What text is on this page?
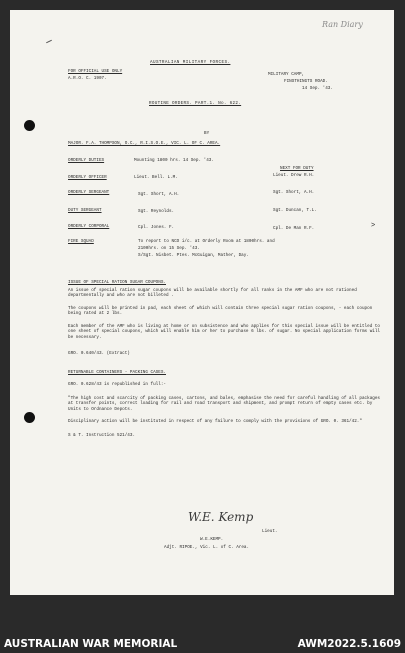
Ran Diary
AUSTRALIAN MILITARY FORCES.
FOR OFFICIAL USE ONLY
A.R.O. C. 1907.
MILITARY CAMP,
FINSTHINGTS ROAD.
14 Sep. '43.
ROUTINE ORDERS. PART.1. No. 622.
BY
MAJOR. F.A. THOMPSON, O.C., R.I.S.O.E., VIC. L. OF C. AREA.
ORDERLY DUTIES	Mounting 1800 hrs. 14 Sep. '43.
NEXT FOR DUTY
ORDERLY OFFICER	Lieut. Bell. L.M.	Lieut. Drew R.H.
ORDERLY SERGEANT	Sgt. Short, A.H.	Sgt. Short, A.H.
DUTY SERGEANT	Sgt. Reynolds.	Sgt. Duncan, T.L.
ORDERLY CORPORAL	Cpl. Jones. F.	Cpl. De Man R.F.	>
FIRE SQUAD	To report to NCO i/c. at Orderly Room at 1800hrs. and
2100hrs. on 15 Sep. '43.
S/Sgt. Nisbet. Ptes. McGuigan, Mather, Day.
ISSUE OF SPECIAL RATION SUGAR COUPONS.
An issue of special ration sugar coupons will be available shortly for all ranks in the AMF who are not rationed departmentally and who are not billeted .
The coupons will be printed in pad, each sheet of which will contain three special sugar ration coupons, - each coupon being rated at 2 lbs.
Each member of the AMF who is living at home or on subsistence and who applies for this special issue will be entitled to one sheet of special coupons, which will enable him or her to purchase 6 lbs. of sugar. No special application forms will be necessary.
GRO. 0.640/43. (Extract)
RETURNABLE CONTAINERS - PACKING CASES.
GRO. 0.628/43 is republished in full:-
"The high cost and scarcity of packing cases, cartons, and bales, emphasise the need for careful handling of all packages at transfer points, correct loading for rail and road transport and shipment, and prompt return of empty cases etc. by Units to Ordnance Depots.
Disciplinary action will be instituted in respect of any failure to comply with the provisions of GRO. 0. 361/42."
S & T. Instruction 521/43.
W.E. Kemp
Lieut.
W.E.KEMP.
Adjt. RIPOE., Vic. L. of C. Area.
AUSTRALIAN WAR MEMORIAL	AWM2022.5.1609
